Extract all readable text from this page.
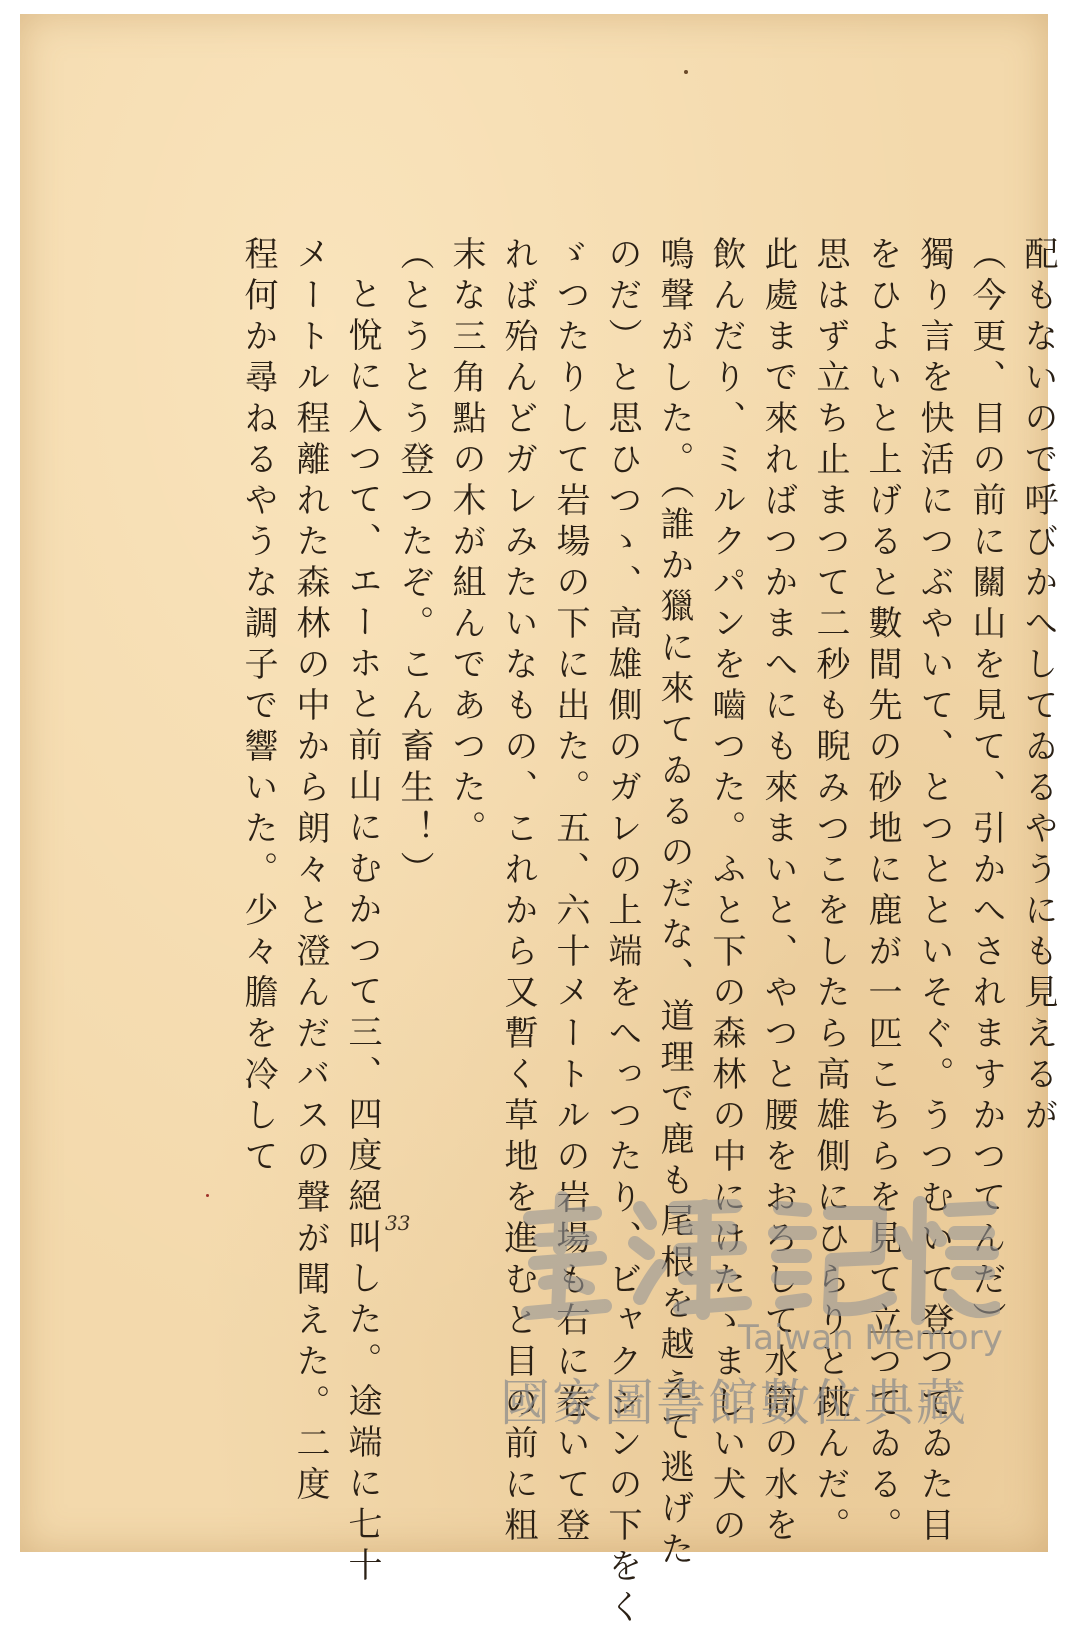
配もないので呼びかへしてゐるやうにも見えるが
（今更、目の前に關山を見て、引かへされますかつてんだ）
獨り言を快活につぶやいて、とつとといそぐ。うつむいて登つてゐた目
をひよいと上げると數間先の砂地に鹿が一匹こちらを見て立つてゐる。
思はず立ち止まつて二秒も睨みつこをしたら高雄側にひらりと跳んだ。
此處まで來ればつかまへにも來まいと、やつと腰をおろして水筒の水を
飲んだり、ミルクパンを嚙つた。ふと下の森林の中にけたゝましい犬の
鳴聲がした。（誰か獵に來てゐるのだな、道理で鹿も尾根を越えて逃げた
のだ）と思ひつゝ、高雄側のガレの上端をへっつたり、ビャクシンの下をく
ゞつたりして岩場の下に出た。五、六十メートルの岩場も右に卷いて登
れば殆んどガレみたいなもの、これから又暫く草地を進むと目の前に粗
末な三角點の木が組んであつた。
（とうとう登つたぞ。こん畜生！）
と悅に入つて、エーホと前山にむかつて三、四度絕叫した。途端に七十
メートル程離れた森林の中から朗々と澄んだバスの聲が聞えた。二度
程何か尋ねるやうな調子で響いた。少々膽を冷して
33
Taiwan Memory
國家圖書館數位典藏
